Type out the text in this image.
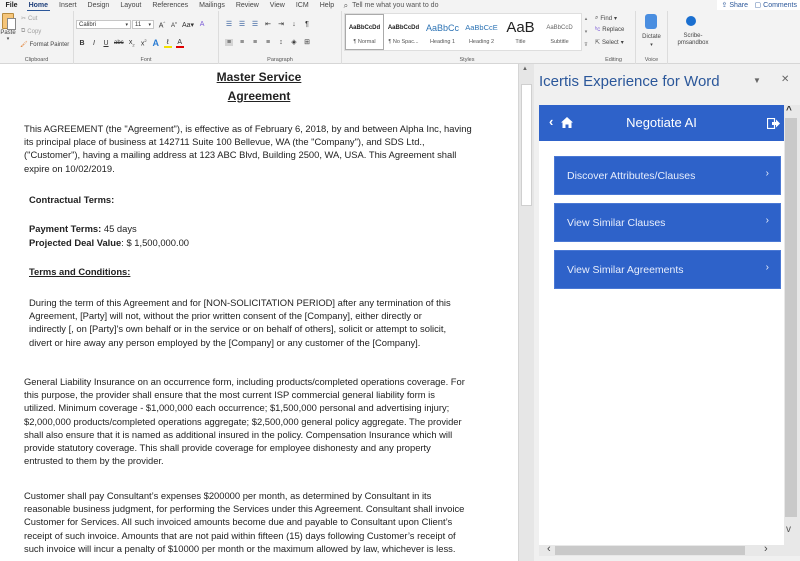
File	Home	Insert	Design	Layout	References	Mailings	Review	View	ICM	Help	⌕ Tell me what you want to do	⇪ Share ▢ Comments
Paste
▾
✂ Cut
⧉ Copy
🖌 Format Painter
Clipboard
Calibri	▾	11 ▾ A^
$A^v$ Aa▾ A
B	I	U abc $x_2$ $x^2$ A	ℓ	A
Font
☰ ☰ ☰ ⇤ ⇥	↓	¶
≡ ≡ ≡ ≡	↕	◈ ⊞
Paragraph	Styles
AaBbCcDd
¶ Normal
AaBbCcDd
¶ No Spac...
AaBbCc
Heading 1
AaBbCcE
Heading 2
AaB
Title
AaBbCcD
Subtitle
▴
▾
⊽
⌕ Find ▾
ᵇc Replace
⇱ Select ▾
Editing
Dictate
▾
Voice
Scribe-
pmsandbox
Master Service
Agreement
This AGREEMENT (the "Agreement"), is effective as of February 6, 2018, by and between Alpha Inc, having
its principal place of business at 142711 Suite 100 Bellevue, WA (the "Company"), and SDS Ltd.,
("Customer"), having a mailing address at 123 ABC Blvd, Building 2500, WA, USA. This Agreement shall
expire on 10/02/2019.
Contractual Terms:
Payment Terms: 45 days
Projected Deal Value: $ 1,500,000.00
Terms and Conditions:
During the term of this Agreement and for [NON-SOLICITATION PERIOD] after any termination of this
Agreement, [Party] will not, without the prior written consent of the [Company], either directly or
indirectly [, on [Party]'s own behalf or in the service or on behalf of others], solicit or attempt to solicit,
divert or hire away any person employed by the [Company] or any customer of the [Company].
General Liability Insurance on an occurrence form, including products/completed operations coverage. For
this purpose, the provider shall ensure that the most current ISP commercial general liability form is
utilized. Minimum coverage - $1,000,000 each occurrence; $1,500,000 personal and advertising injury;
$2,000,000 products/completed operations aggregate; $2,500,000 general policy aggregate. The provider
shall also ensure that it is named as additional insured in the policy. Compensation Insurance which will
provide statutory coverage. This shall provide coverage for employee dishonesty and any property
entrusted to them by the provider.
Customer shall pay Consultant’s expenses $200000 per month, as determined by Consultant in its
reasonable business judgment, for performing the Services under this Agreement. Consultant shall invoice
Customer for Services. All such invoiced amounts become due and payable to Consultant upon Client’s
receipt of such invoice. Amounts that are not paid within fifteen (15) days following Customer’s receipt of
such invoice will incur a penalty of $10000 per month or the maximum allowed by law, whichever is less.
▲
Icertis Experience for Word	▼ ✕
‹	Negotiate AI
Discover Attributes/Clauses	›
View Similar Clauses	›
View Similar Agreements	›
^
v
‹	›
